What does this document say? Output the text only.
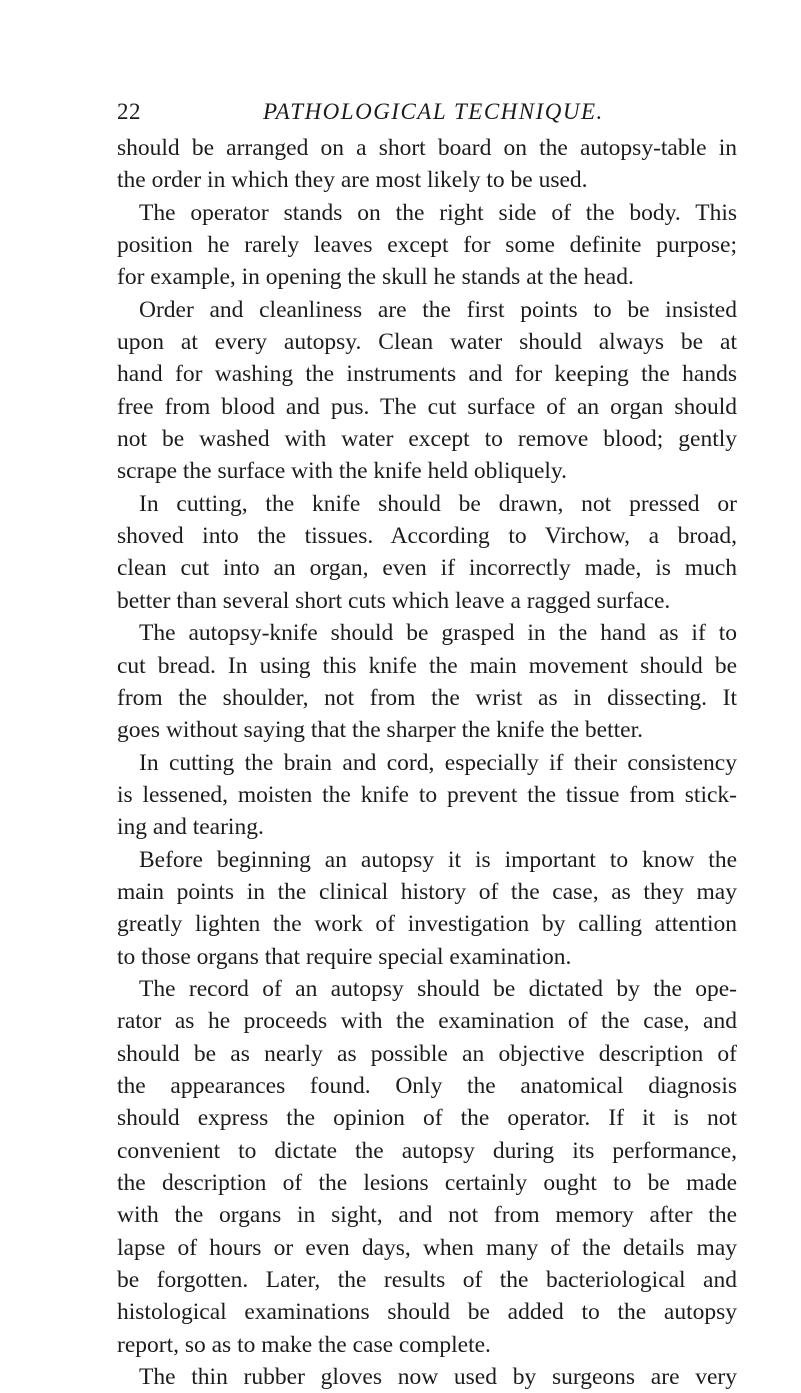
22	PATHOLOGICAL TECHNIQUE.
should be arranged on a short board on the autopsy-table in
the order in which they are most likely to be used.
The operator stands on the right side of the body. This
position he rarely leaves except for some definite purpose;
for example, in opening the skull he stands at the head.
Order and cleanliness are the first points to be insisted
upon at every autopsy. Clean water should always be at
hand for washing the instruments and for keeping the hands
free from blood and pus. The cut surface of an organ should
not be washed with water except to remove blood; gently
scrape the surface with the knife held obliquely.
In cutting, the knife should be drawn, not pressed or
shoved into the tissues. According to Virchow, a broad,
clean cut into an organ, even if incorrectly made, is much
better than several short cuts which leave a ragged surface.
The autopsy-knife should be grasped in the hand as if to
cut bread. In using this knife the main movement should be
from the shoulder, not from the wrist as in dissecting. It
goes without saying that the sharper the knife the better.
In cutting the brain and cord, especially if their consistency
is lessened, moisten the knife to prevent the tissue from stick-
ing and tearing.
Before beginning an autopsy it is important to know the
main points in the clinical history of the case, as they may
greatly lighten the work of investigation by calling attention
to those organs that require special examination.
The record of an autopsy should be dictated by the ope-
rator as he proceeds with the examination of the case, and
should be as nearly as possible an objective description of
the appearances found. Only the anatomical diagnosis
should express the opinion of the operator. If it is not
convenient to dictate the autopsy during its performance,
the description of the lesions certainly ought to be made
with the organs in sight, and not from memory after the
lapse of hours or even days, when many of the details may
be forgotten. Later, the results of the bacteriological and
histological examinations should be added to the autopsy
report, so as to make the case complete.
The thin rubber gloves now used by surgeons are very
